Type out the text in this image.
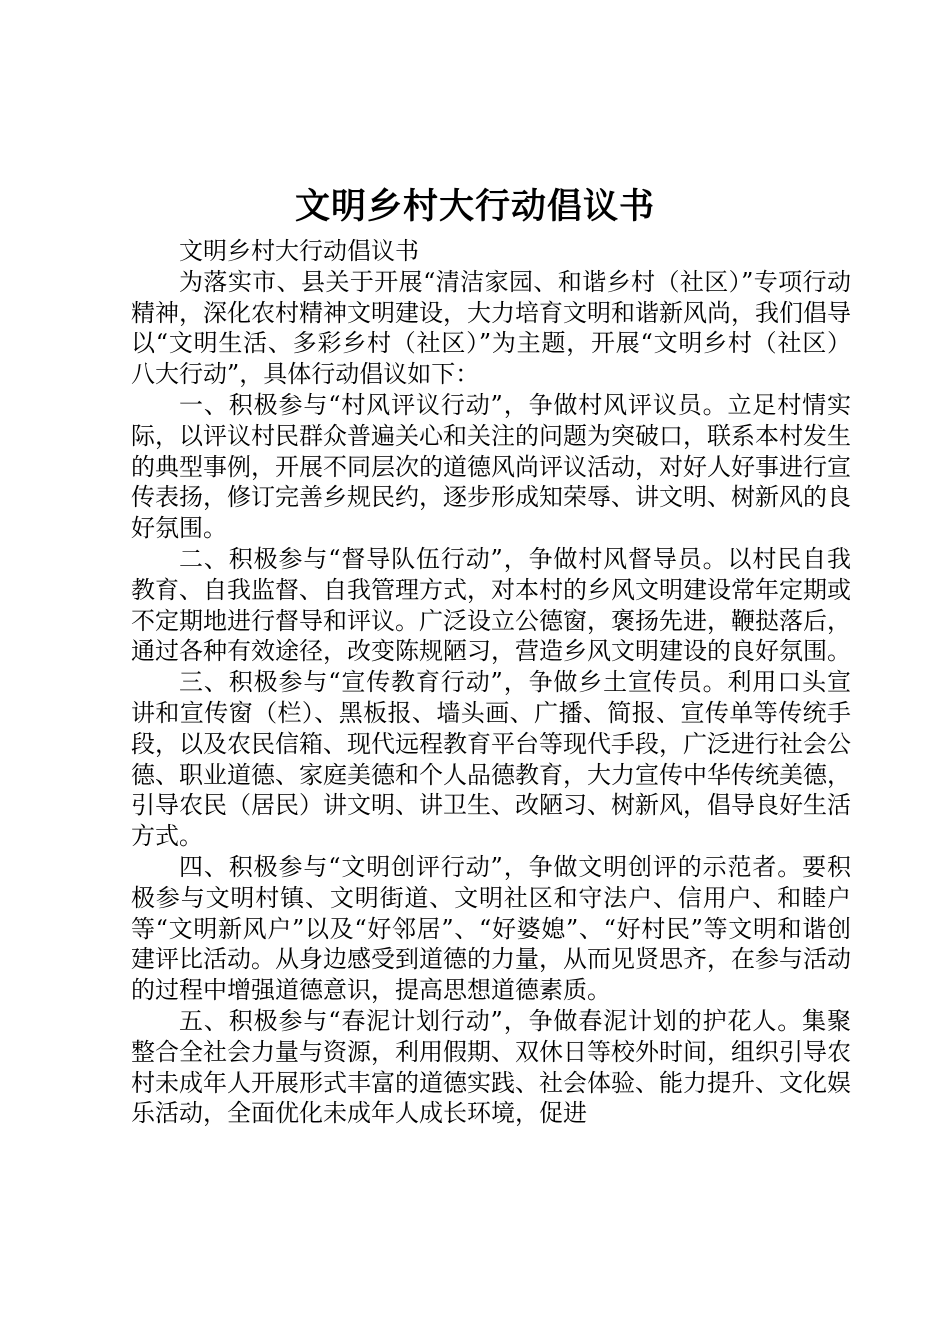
文明乡村大行动倡议书

文明乡村大行动倡议书

为落实市、县关于开展“清洁家园、和谐乡村（社区）”专项行动精神，深化农村精神文明建设，大力培育文明和谐新风尚，我们倡导以“文明生活、多彩乡村（社区）”为主题，开展“文明乡村（社区）八大行动”，具体行动倡议如下：

一、积极参与“村风评议行动”，争做村风评议员。立足村情实际，以评议村民群众普遍关心和关注的问题为突破口，联系本村发生的典型事例，开展不同层次的道德风尚评议活动，对好人好事进行宣传表扬，修订完善乡规民约，逐步形成知荣辱、讲文明、树新风的良好氛围。

二、积极参与“督导队伍行动”，争做村风督导员。以村民自我教育、自我监督、自我管理方式，对本村的乡风文明建设常年定期或不定期地进行督导和评议。广泛设立公德窗，褒扬先进，鞭挞落后，通过各种有效途径，改变陈规陋习，营造乡风文明建设的良好氛围。

三、积极参与“宣传教育行动”，争做乡土宣传员。利用口头宣讲和宣传窗（栏）、黑板报、墙头画、广播、简报、宣传单等传统手段，以及农民信箱、现代远程教育平台等现代手段，广泛进行社会公德、职业道德、家庭美德和个人品德教育，大力宣传中华传统美德，引导农民（居民）讲文明、讲卫生、改陋习、树新风，倡导良好生活方式。

四、积极参与“文明创评行动”，争做文明创评的示范者。要积极参与文明村镇、文明街道、文明社区和守法户、信用户、和睦户等“文明新风户”以及“好邻居”、“好婆媳”、“好村民”等文明和谐创建评比活动。从身边感受到道德的力量，从而见贤思齐，在参与活动的过程中增强道德意识，提高思想道德素质。

五、积极参与“春泥计划行动”，争做春泥计划的护花人。集聚整合全社会力量与资源，利用假期、双休日等校外时间，组织引导农村未成年人开展形式丰富的道德实践、社会体验、能力提升、文化娱乐活动，全面优化未成年人成长环境，促进
